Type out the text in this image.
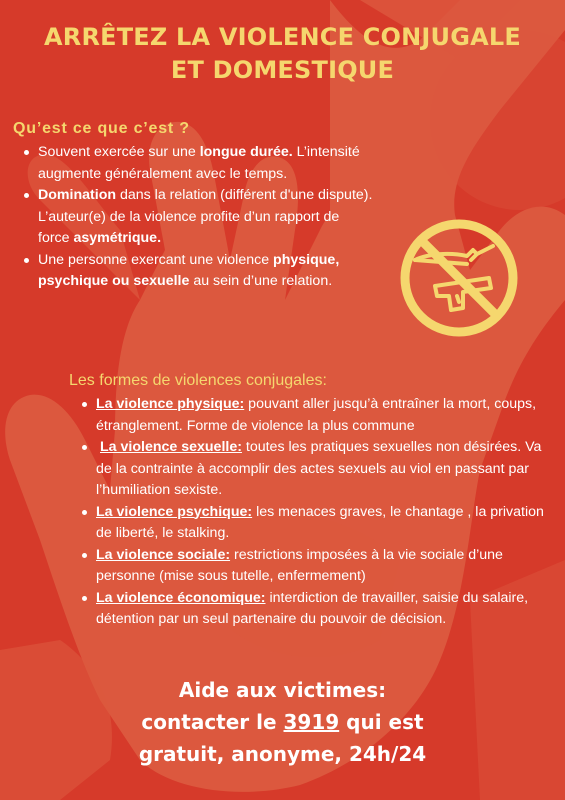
ARRÊTEZ LA VIOLENCE CONJUGALE
ET DOMESTIQUE
Qu’est ce que c’est ?
Souvent exercée sur une longue durée. L’intensité augmente généralement avec le temps.
Domination dans la relation (différent d'une dispute). L’auteur(e) de la violence profite d’un rapport de force asymétrique.
Une personne exercant une violence physique, psychique ou sexuelle au sein d’une relation.
Les formes de violences conjugales:
La violence physique: pouvant aller jusqu’à entraîner la mort, coups, étranglement. Forme de violence la plus commune
La violence sexuelle: toutes les pratiques sexuelles non désirées. Va de la contrainte à accomplir des actes sexuels au viol en passant par l’humiliation sexiste.
La violence psychique: les menaces graves, le chantage , la privation de liberté, le stalking.
La violence sociale: restrictions imposées à la vie sociale d’une personne (mise sous tutelle, enfermement)
La violence économique: interdiction de travailler, saisie du salaire, détention par un seul partenaire du pouvoir de décision.
Aide aux victimes:
contacter le 3919 qui est
gratuit, anonyme, 24h/24
